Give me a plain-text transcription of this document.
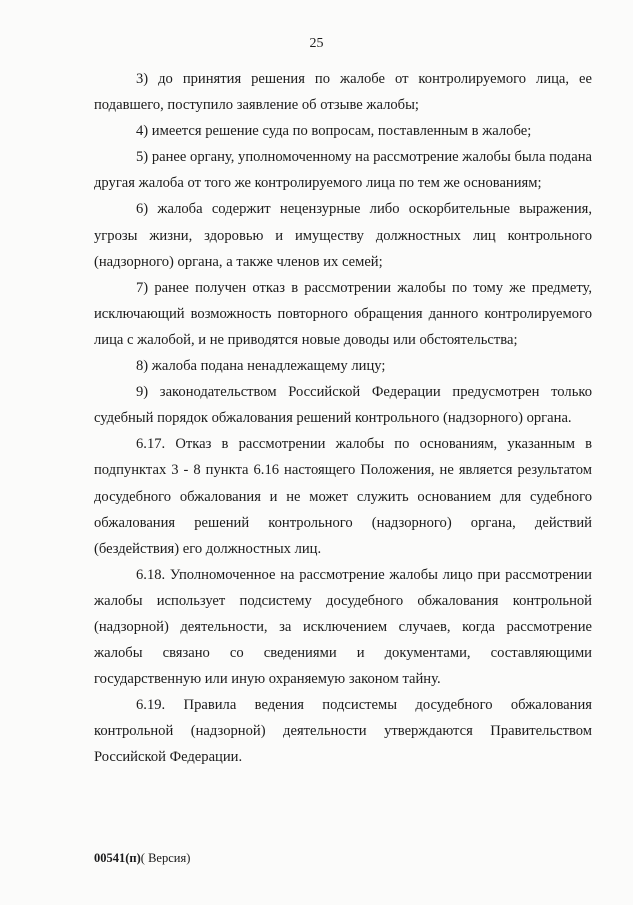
25

3) до принятия решения по жалобе от контролируемого лица, ее подавшего, поступило заявление об отзыве жалобы;

4) имеется решение суда по вопросам, поставленным в жалобе;

5) ранее органу, уполномоченному на рассмотрение жалобы была подана другая жалоба от того же контролируемого лица по тем же основаниям;

6) жалоба содержит нецензурные либо оскорбительные выражения, угрозы жизни, здоровью и имуществу должностных лиц контрольного (надзорного) органа, а также членов их семей;

7) ранее получен отказ в рассмотрении жалобы по тому же предмету, исключающий возможность повторного обращения данного контролируемого лица с жалобой, и не приводятся новые доводы или обстоятельства;

8) жалоба подана ненадлежащему лицу;

9) законодательством Российской Федерации предусмотрен только судебный порядок обжалования решений контрольного (надзорного) органа.

6.17. Отказ в рассмотрении жалобы по основаниям, указанным в подпунктах 3 - 8 пункта 6.16 настоящего Положения, не является результатом досудебного обжалования и не может служить основанием для судебного обжалования решений контрольного (надзорного) органа, действий (бездействия) его должностных лиц.

6.18. Уполномоченное на рассмотрение жалобы лицо при рассмотрении жалобы использует подсистему досудебного обжалования контрольной (надзорной) деятельности, за исключением случаев, когда рассмотрение жалобы связано со сведениями и документами, составляющими государственную или иную охраняемую законом тайну.

6.19. Правила ведения подсистемы досудебного обжалования контрольной (надзорной) деятельности утверждаются Правительством Российской Федерации.

00541(п)( Версия)
